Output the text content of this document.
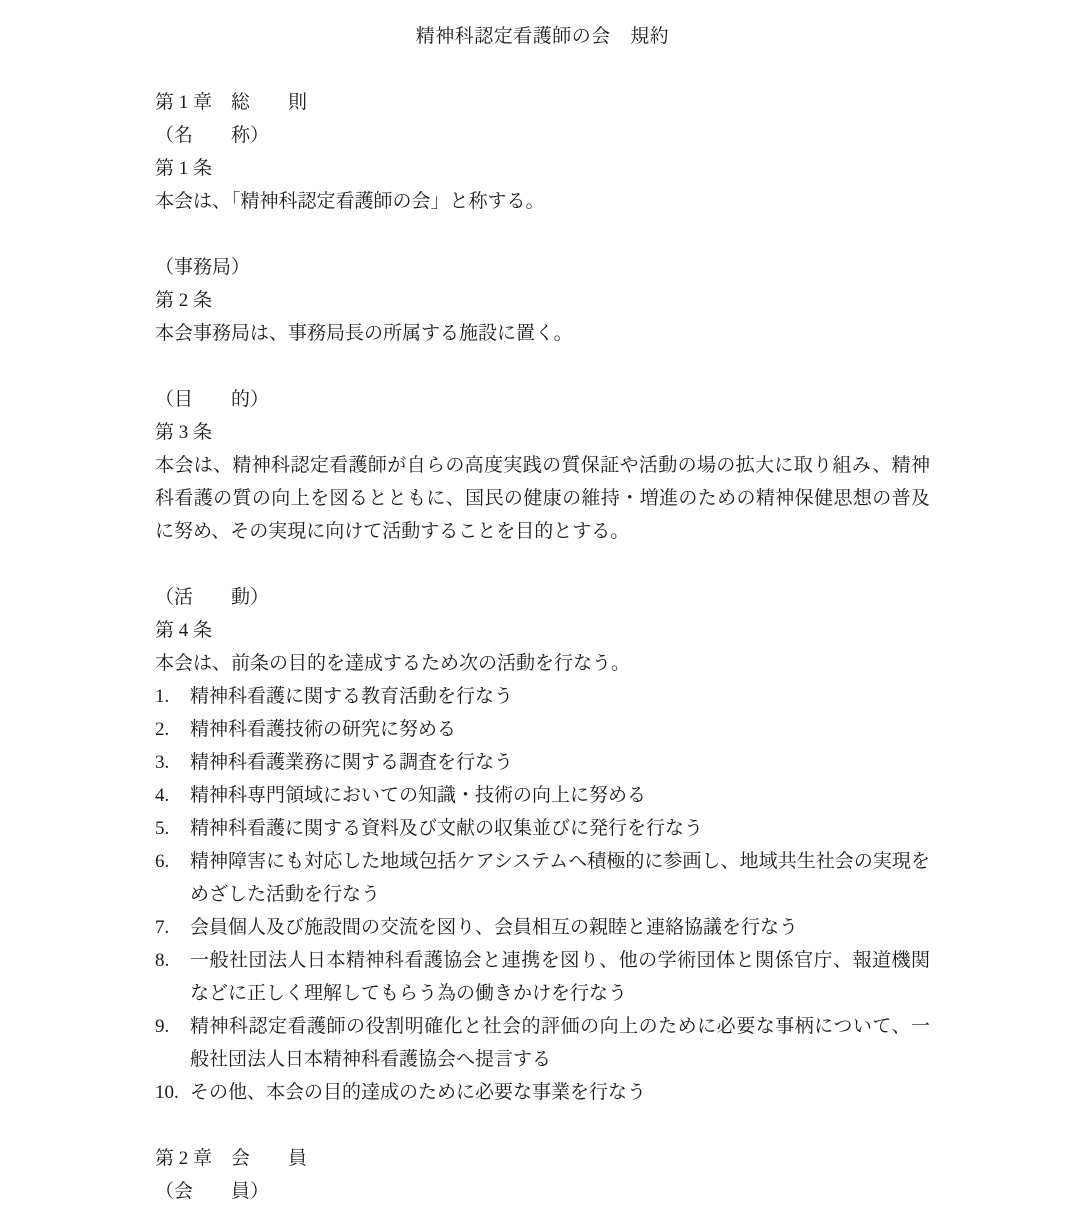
精神科認定看護師の会　規約

第 1 章　総　　則

（名　　称）

第 1 条

本会は、「精神科認定看護師の会」と称する。

（事務局）

第 2 条

本会事務局は、事務局長の所属する施設に置く。

（目　　的）

第 3 条

本会は、精神科認定看護師が自らの高度実践の質保証や活動の場の拡大に取り組み、精神科看護の質の向上を図るとともに、国民の健康の維持・増進のための精神保健思想の普及に努め、その実現に向けて活動することを目的とする。

（活　　動）

第 4 条

本会は、前条の目的を達成するため次の活動を行なう。

1.	精神科看護に関する教育活動を行なう
2.	精神科看護技術の研究に努める
3.	精神科看護業務に関する調査を行なう
4.	精神科専門領域においての知識・技術の向上に努める
5.	精神科看護に関する資料及び文献の収集並びに発行を行なう
6.	精神障害にも対応した地域包括ケアシステムへ積極的に参画し、地域共生社会の実現をめざした活動を行なう
7.	会員個人及び施設間の交流を図り、会員相互の親睦と連絡協議を行なう
8.	一般社団法人日本精神科看護協会と連携を図り、他の学術団体と関係官庁、報道機関などに正しく理解してもらう為の働きかけを行なう
9.	精神科認定看護師の役割明確化と社会的評価の向上のために必要な事柄について、一般社団法人日本精神科看護協会へ提言する
10. その他、本会の目的達成のために必要な事業を行なう

第 2 章　会　　員

（会　　員）
